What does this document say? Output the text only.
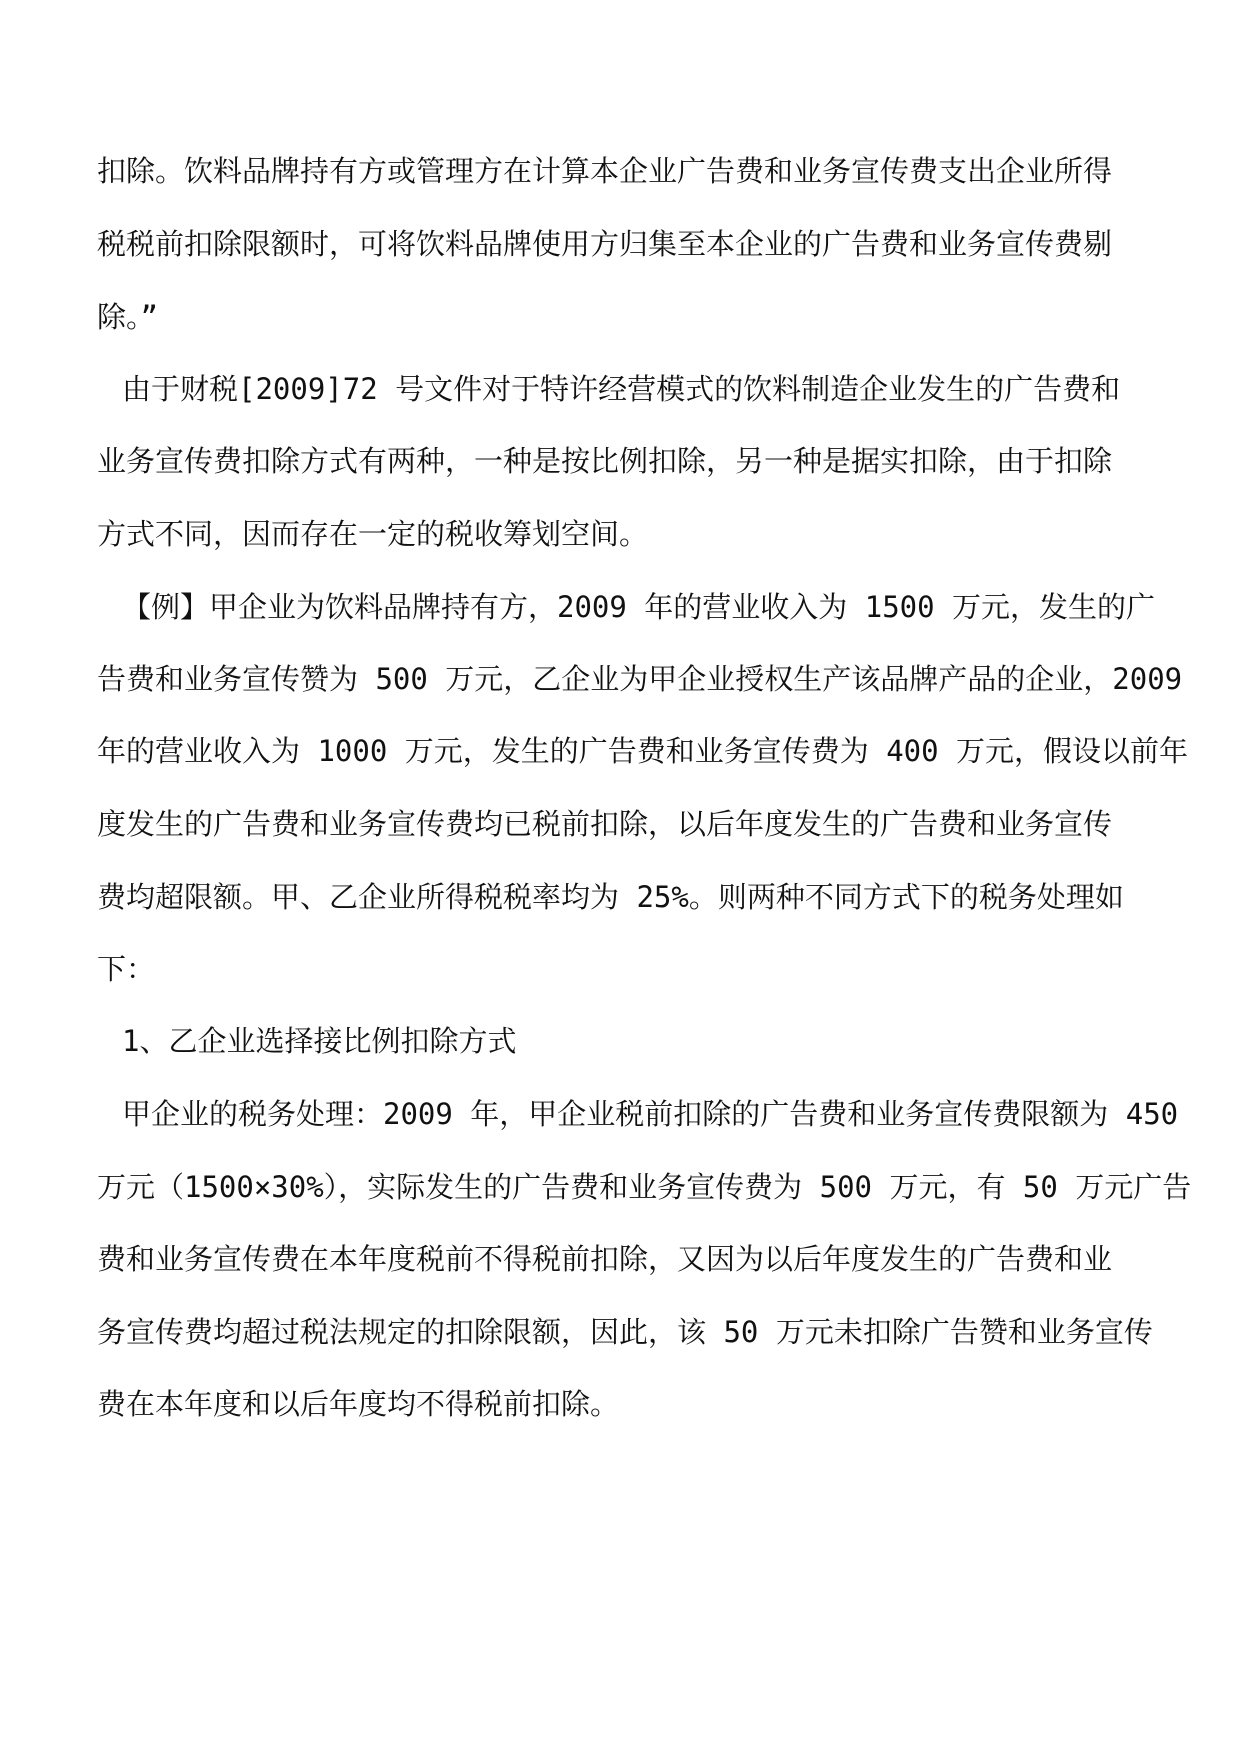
扣除。饮料品牌持有方或管理方在计算本企业广告费和业务宣传费支出企业所得
税税前扣除限额时，可将饮料品牌使用方归集至本企业的广告费和业务宣传费剔
除。”
由于财税[2009]72 号文件对于特许经营模式的饮料制造企业发生的广告费和
业务宣传费扣除方式有两种，一种是按比例扣除，另一种是据实扣除，由于扣除
方式不同，因而存在一定的税收筹划空间。
【例】甲企业为饮料品牌持有方，2009 年的营业收入为 1500 万元，发生的广
告费和业务宣传赞为 500 万元，乙企业为甲企业授权生产该品牌产品的企业，2009
年的营业收入为 1000 万元，发生的广告费和业务宣传费为 400 万元，假设以前年
度发生的广告费和业务宣传费均已税前扣除，以后年度发生的广告费和业务宣传
费均超限额。甲、乙企业所得税税率均为 25%。则两种不同方式下的税务处理如
下：
1、乙企业选择接比例扣除方式
甲企业的税务处理：2009 年，甲企业税前扣除的广告费和业务宣传费限额为 450
万元（1500×30%），实际发生的广告费和业务宣传费为 500 万元，有 50 万元广告
费和业务宣传费在本年度税前不得税前扣除，又因为以后年度发生的广告费和业
务宣传费均超过税法规定的扣除限额，因此，该 50 万元未扣除广告赞和业务宣传
费在本年度和以后年度均不得税前扣除。
